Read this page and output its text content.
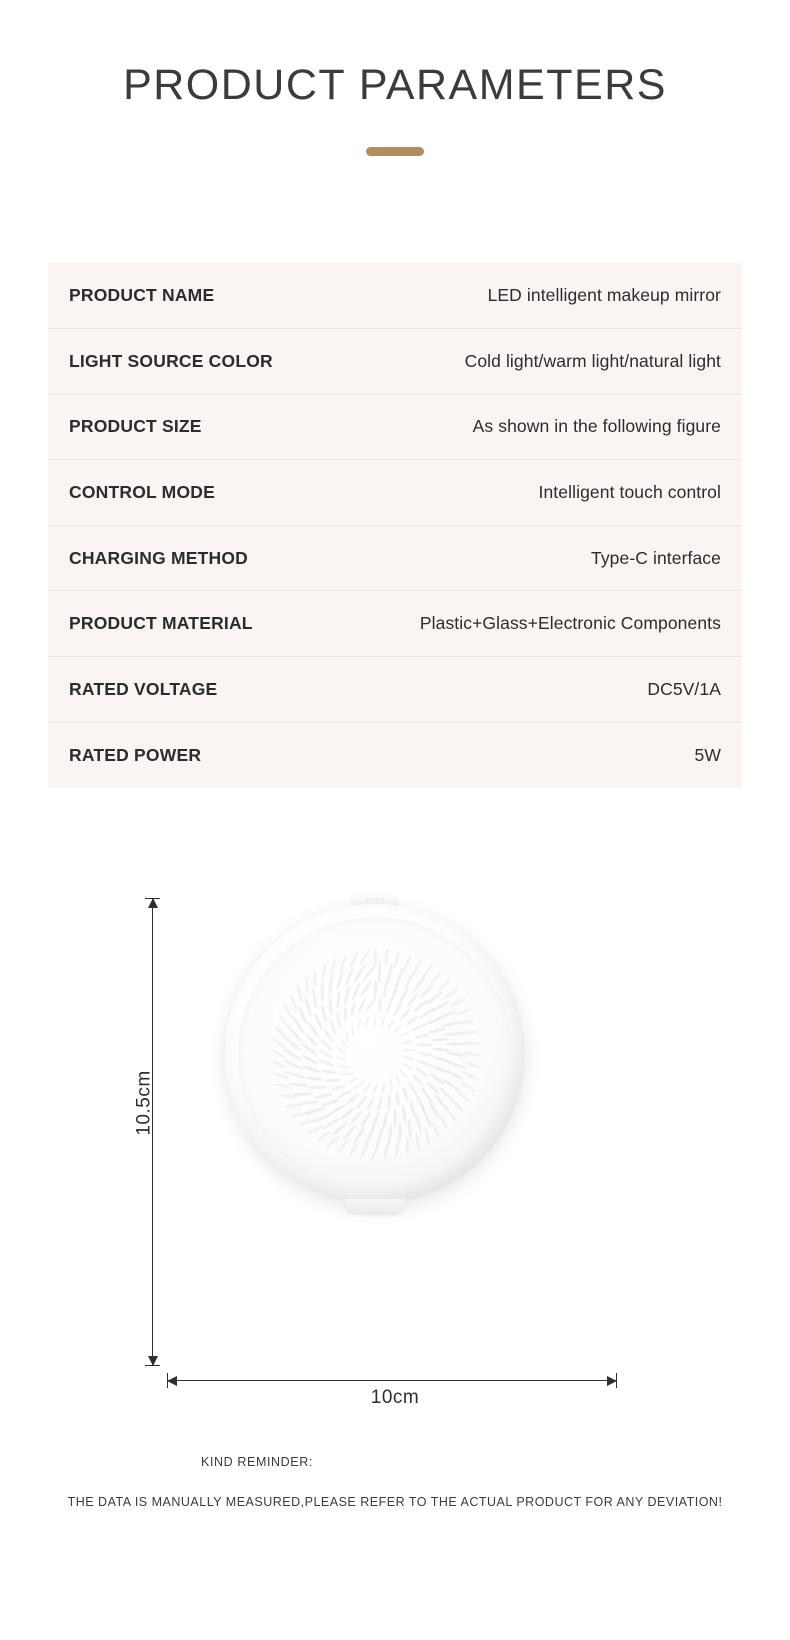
PRODUCT PARAMETERS
PRODUCT NAME	LED intelligent makeup mirror
LIGHT SOURCE COLOR	Cold light/warm light/natural light
PRODUCT SIZE	As shown in the following figure
CONTROL MODE	Intelligent touch control
CHARGING METHOD	Type-C interface
PRODUCT MATERIAL	Plastic+Glass+Electronic Components
RATED VOLTAGE	DC5V/1A
RATED POWER	5W
10.5cm
10cm
KIND REMINDER:
THE DATA IS MANUALLY MEASURED,PLEASE REFER TO THE ACTUAL PRODUCT FOR ANY DEVIATION!
